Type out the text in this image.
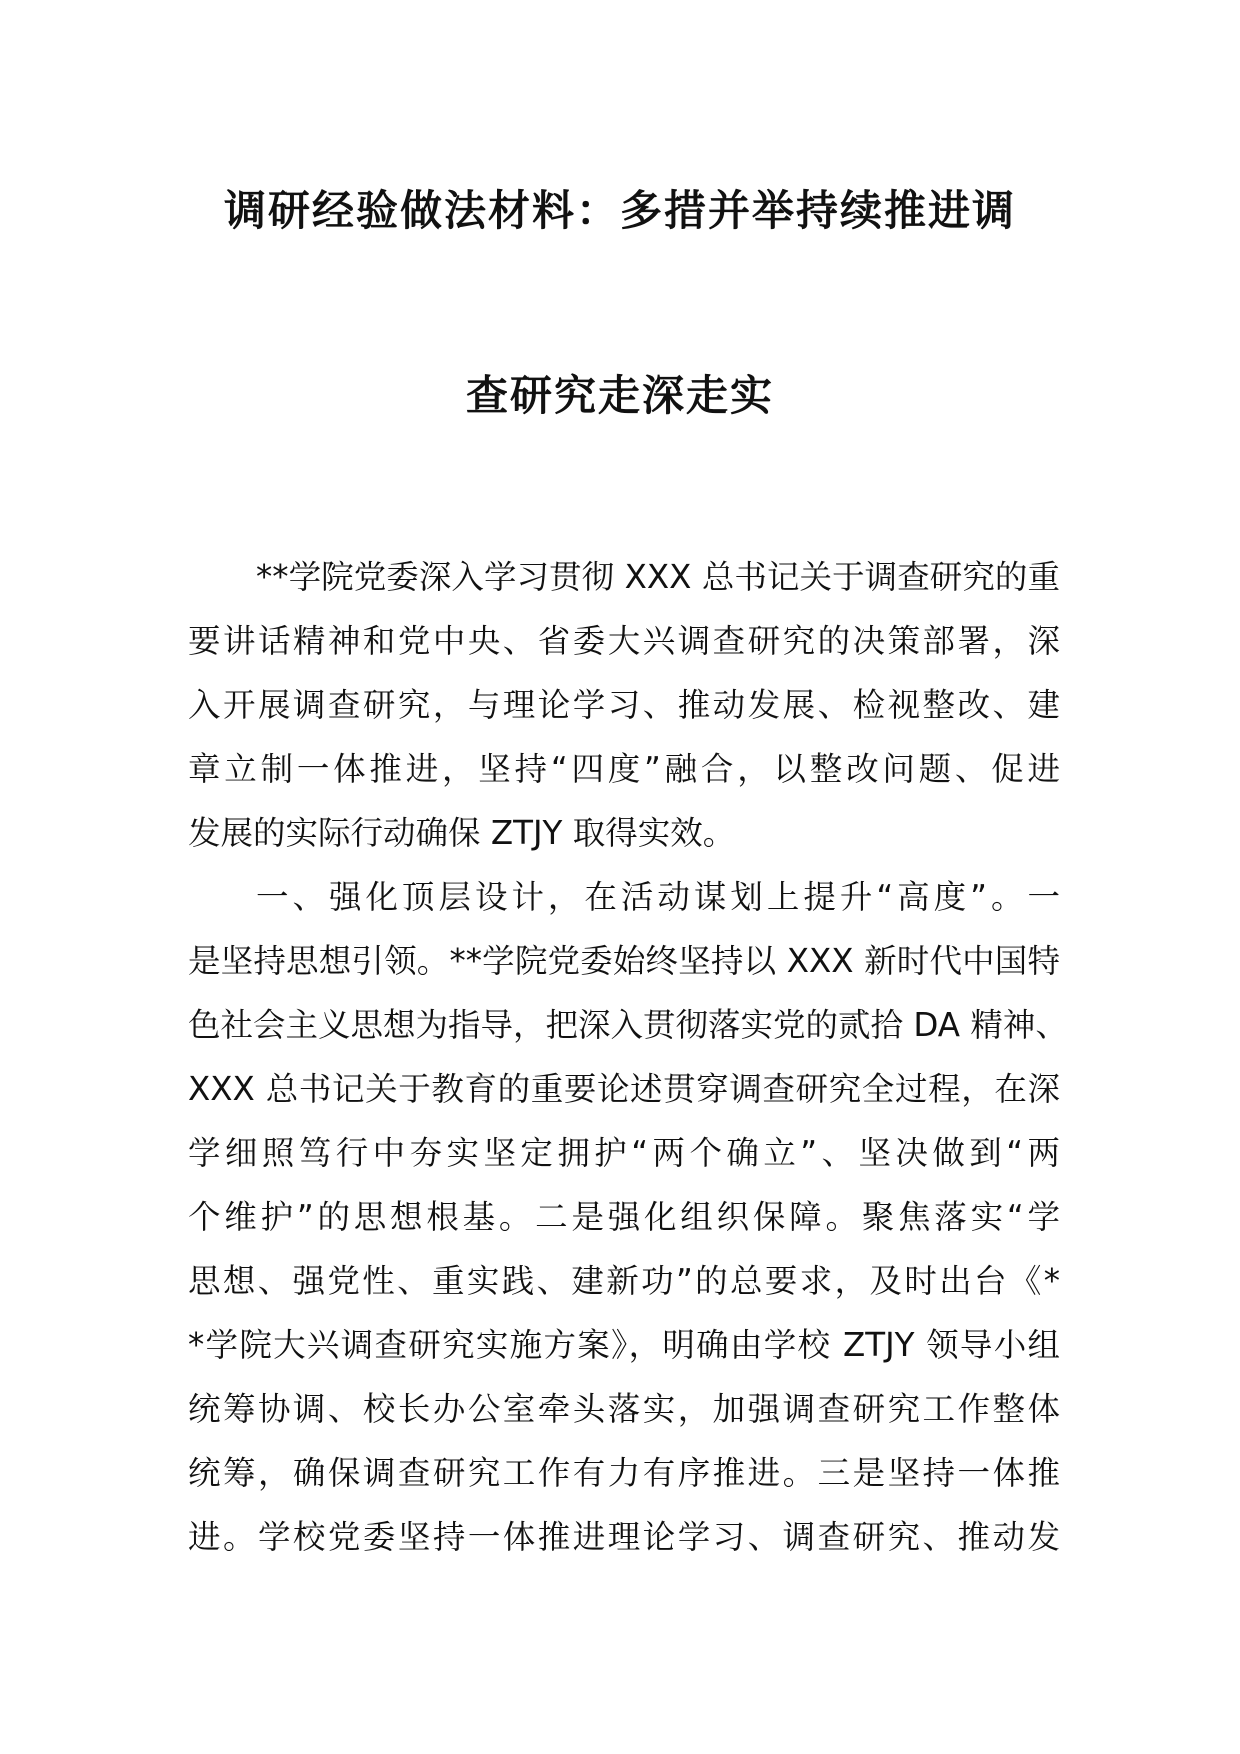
调研经验做法材料：多措并举持续推进调
查研究走深走实
**学院党委深入学习贯彻 XXX 总书记关于调查研究的重
要讲话精神和党中央、省委大兴调查研究的决策部署，深
入开展调查研究，与理论学习、推动发展、检视整改、建
章立制一体推进，坚持“四度”融合，以整改问题、促进
发展的实际行动确保 ZTJY 取得实效。
一、强化顶层设计，在活动谋划上提升“高度”。一
是坚持思想引领。**学院党委始终坚持以 XXX 新时代中国特
色社会主义思想为指导，把深入贯彻落实党的贰拾 DA 精神、
XXX 总书记关于教育的重要论述贯穿调查研究全过程，在深
学细照笃行中夯实坚定拥护“两个确立”、坚决做到“两
个维护”的思想根基。二是强化组织保障。聚焦落实“学
思想、强党性、重实践、建新功”的总要求，及时出台《*
*学院大兴调查研究实施方案》，明确由学校 ZTJY 领导小组
统筹协调、校长办公室牵头落实，加强调查研究工作整体
统筹，确保调查研究工作有力有序推进。三是坚持一体推
进。学校党委坚持一体推进理论学习、调查研究、推动发
